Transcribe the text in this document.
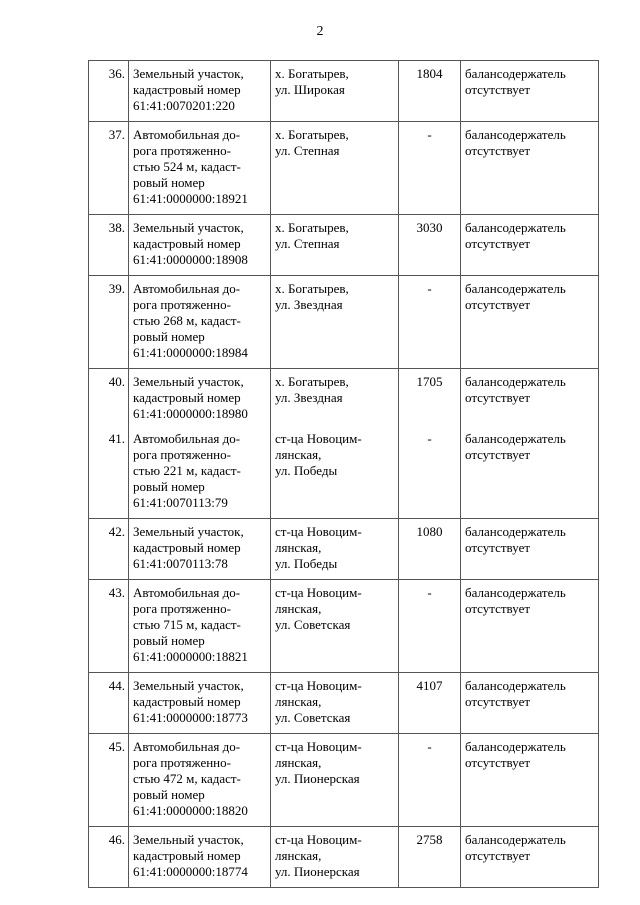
2
36.	Земельный участок,
кадастровый номер
61:41:0070201:220	х. Богатырев,
ул. Широкая	1804	балансодержатель
отсутствует

37.	Автомобильная до-
рога протяженно-
стью 524 м, кадаст-
ровый номер
61:41:0000000:18921	х. Богатырев,
ул. Степная	-	балансодержатель
отсутствует

38.	Земельный участок,
кадастровый номер
61:41:0000000:18908	х. Богатырев,
ул. Степная	3030	балансодержатель
отсутствует

39.	Автомобильная до-
рога протяженно-
стью 268 м, кадаст-
ровый номер
61:41:0000000:18984	х. Богатырев,
ул. Звездная	-	балансодержатель
отсутствует

40.	Земельный участок,
кадастровый номер
61:41:0000000:18980	х. Богатырев,
ул. Звездная	1705	балансодержатель
отсутствует

41.	Автомобильная до-
рога протяженно-
стью 221 м, кадаст-
ровый номер
61:41:0070113:79	ст-ца Новоцим-
лянская,
ул. Победы	-	балансодержатель
отсутствует

42.	Земельный участок,
кадастровый номер
61:41:0070113:78	ст-ца Новоцим-
лянская,
ул. Победы	1080	балансодержатель
отсутствует

43.	Автомобильная до-
рога протяженно-
стью 715 м, кадаст-
ровый номер
61:41:0000000:18821	ст-ца Новоцим-
лянская,
ул. Советская	-	балансодержатель
отсутствует

44.	Земельный участок,
кадастровый номер
61:41:0000000:18773	ст-ца Новоцим-
лянская,
ул. Советская	4107	балансодержатель
отсутствует

45.	Автомобильная до-
рога протяженно-
стью 472 м, кадаст-
ровый номер
61:41:0000000:18820	ст-ца Новоцим-
лянская,
ул. Пионерская	-	балансодержатель
отсутствует

46.	Земельный участок,
кадастровый номер
61:41:0000000:18774	ст-ца Новоцим-
лянская,
ул. Пионерская	2758	балансодержатель
отсутствует
